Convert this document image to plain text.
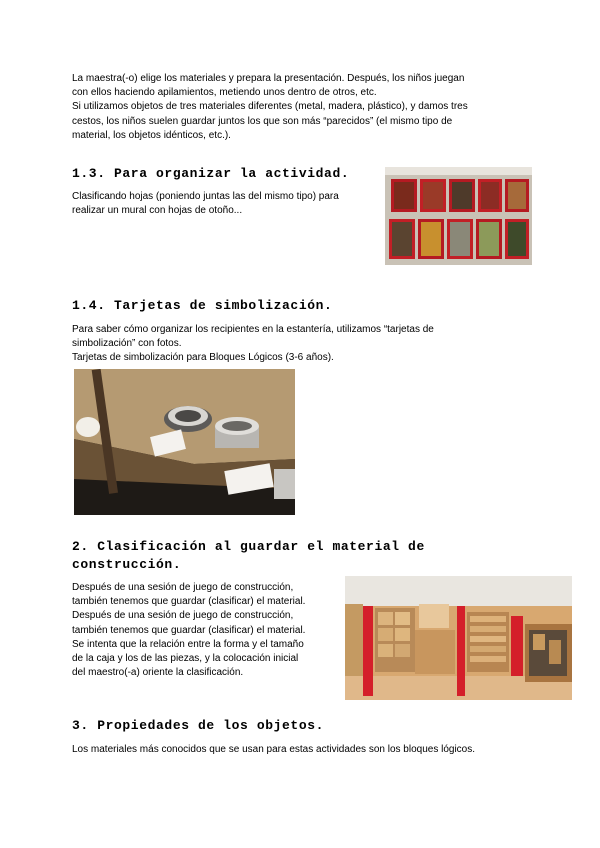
La maestra(-o) elige los materiales y prepara la presentación. Después, los niños juegan
con ellos haciendo apilamientos, metiendo unos dentro de otros, etc.
Si utilizamos objetos de tres materiales diferentes (metal, madera, plástico), y damos tres
cestos, los niños suelen guardar juntos los que son más “parecidos” (el mismo tipo de
material, los objetos idénticos, etc.).
1.3. Para organizar la actividad.
Clasificando hojas (poniendo juntas las del mismo tipo) para
realizar un mural con hojas de otoño...
1.4. Tarjetas de simbolización.
Para saber cómo organizar los recipientes en la estantería, utilizamos “tarjetas de
simbolización” con fotos.
Tarjetas de simbolización para Bloques Lógicos (3-6 años).
2. Clasificación al guardar el material de
construcción.
Después de una sesión de juego de construcción,
también tenemos que guardar (clasificar) el material.
Después de una sesión de juego de construcción,
también tenemos que guardar (clasificar) el material.
Se intenta que la relación entre la forma y el tamaño
de la caja y los de las piezas, y la colocación inicial
del maestro(-a) oriente la clasificación.
3. Propiedades de los objetos.
Los materiales más conocidos que se usan para estas actividades son los bloques lógicos.
